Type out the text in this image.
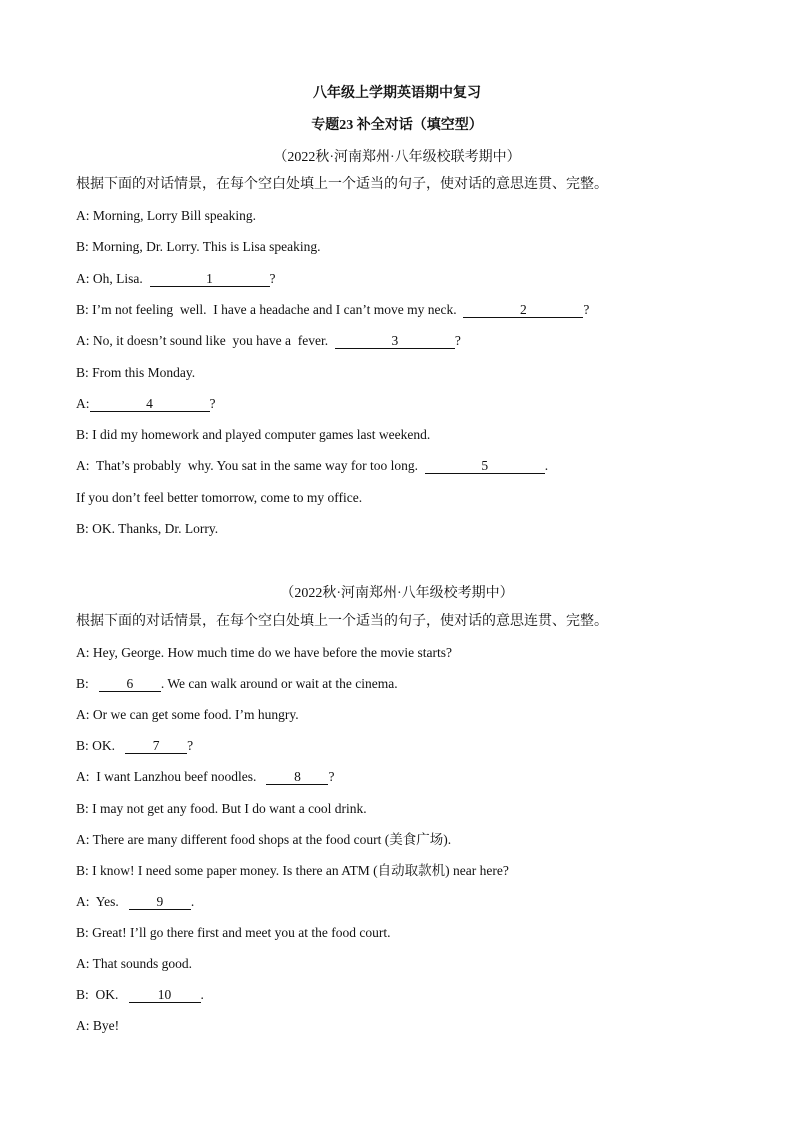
八年级上学期英语期中复习
专题23 补全对话（填空型）
（2022秋·河南郑州·八年级校联考期中）
根据下面的对话情景，在每个空白处填上一个适当的句子，使对话的意思连贯、完整。
A: Morning, Lorry Bill speaking.
B: Morning, Dr. Lorry. This is Lisa speaking.
A: Oh, Lisa.	1	?
B: I’m not feeling  well.  I have a headache and I can’t move my neck.	2	?
A: No, it doesn’t sound like  you have a  fever.	3	?
B: From this Monday.
A:	4	?
B: I did my homework and played computer games last weekend.
A:  That’s probably  why. You sat in the same way for too long.	5	.
If you don’t feel better tomorrow, come to my office.
B: OK. Thanks, Dr. Lorry.
（2022秋·河南郑州·八年级校考期中）
根据下面的对话情景，在每个空白处填上一个适当的句子，使对话的意思连贯、完整。
A: Hey, George. How much time do we have before the movie starts?
B:   6 . We can walk around or wait at the cinema.
A: Or we can get some food. I’m hungry.
B: OK.   7 ?
A:  I want Lanzhou beef noodles.   8 ?
B: I may not get any food. But I do want a cool drink.
A: There are many different food shops at the food court (美食广场).
B: I know! I need some paper money. Is there an ATM (自动取款机) near here?
A:  Yes.   9 .
B: Great! I’ll go there first and meet you at the food court.
A: That sounds good.
B:  OK.   10 .
A: Bye!
